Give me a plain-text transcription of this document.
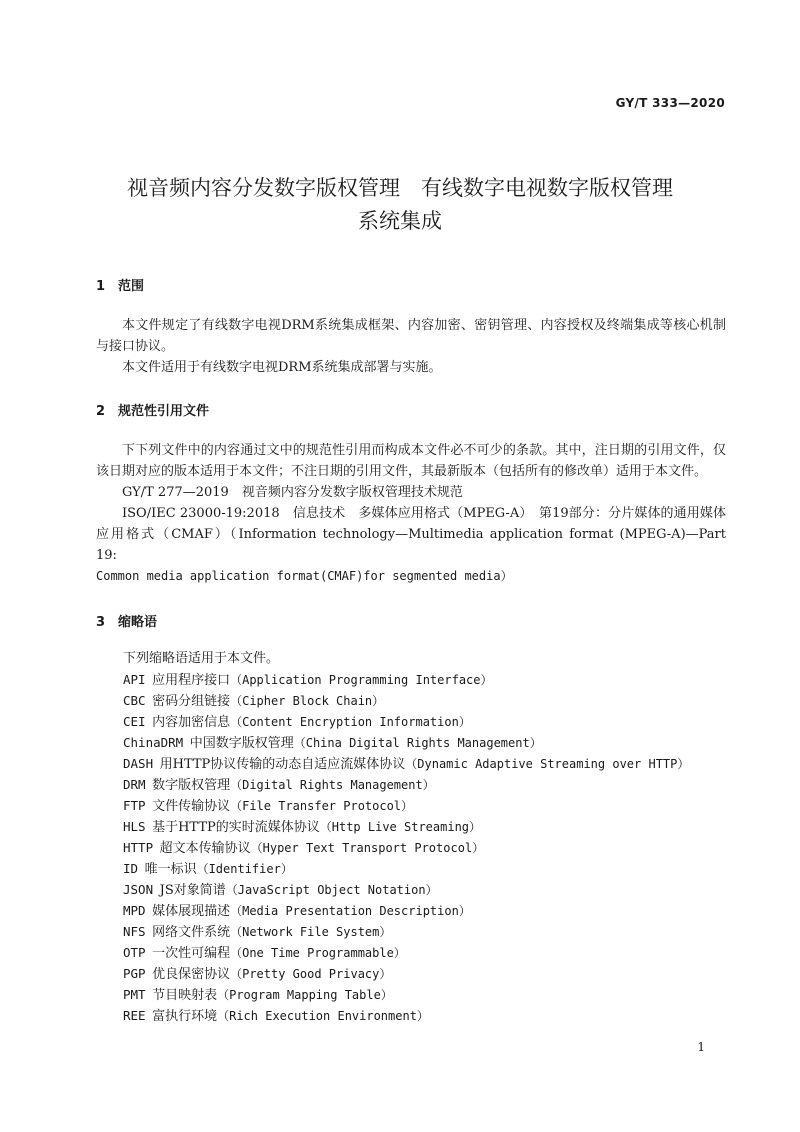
GY/T 333—2020
视音频内容分发数字版权管理　有线数字电视数字版权管理
系统集成
1 范围

本文件规定了有线数字电视DRM系统集成框架、内容加密、密钥管理、内容授权及终端集成等核心机制与接口协议。

本文件适用于有线数字电视DRM系统集成部署与实施。

2 规范性引用文件

下下列文件中的内容通过文中的规范性引用而构成本文件必不可少的条款。其中，注日期的引用文件，仅该日期对应的版本适用于本文件；不注日期的引用文件，其最新版本（包括所有的修改单）适用于本文件。

GY/T 277—2019　视音频内容分发数字版权管理技术规范

ISO/IEC 23000-19:2018　信息技术　多媒体应用格式（MPEG-A）　第19部分：分片媒体的通用媒体应用格式（CMAF）（Information technology—Multimedia application format (MPEG-A)—Part 19:

Common media application format(CMAF)for segmented media）

3 缩略语
下列缩略语适用于本文件。
API  应用程序接口（Application Programming Interface）
CBC  密码分组链接（Cipher Block Chain）
CEI  内容加密信息（Content Encryption Information）
ChinaDRM  中国数字版权管理（China Digital Rights Management）
DASH  用HTTP协议传输的动态自适应流媒体协议（Dynamic Adaptive Streaming over HTTP）
DRM  数字版权管理（Digital Rights Management）
FTP  文件传输协议（File Transfer Protocol）
HLS  基于HTTP的实时流媒体协议（Http Live Streaming）
HTTP  超文本传输协议（Hyper Text Transport Protocol）
ID  唯一标识（Identifier）
JSON  JS对象简谱（JavaScript Object Notation）
MPD  媒体展现描述（Media Presentation Description）
NFS  网络文件系统（Network File System）
OTP  一次性可编程（One Time Programmable）
PGP  优良保密协议（Pretty Good Privacy）
PMT  节目映射表（Program Mapping Table）
REE  富执行环境（Rich Execution Environment）
1
